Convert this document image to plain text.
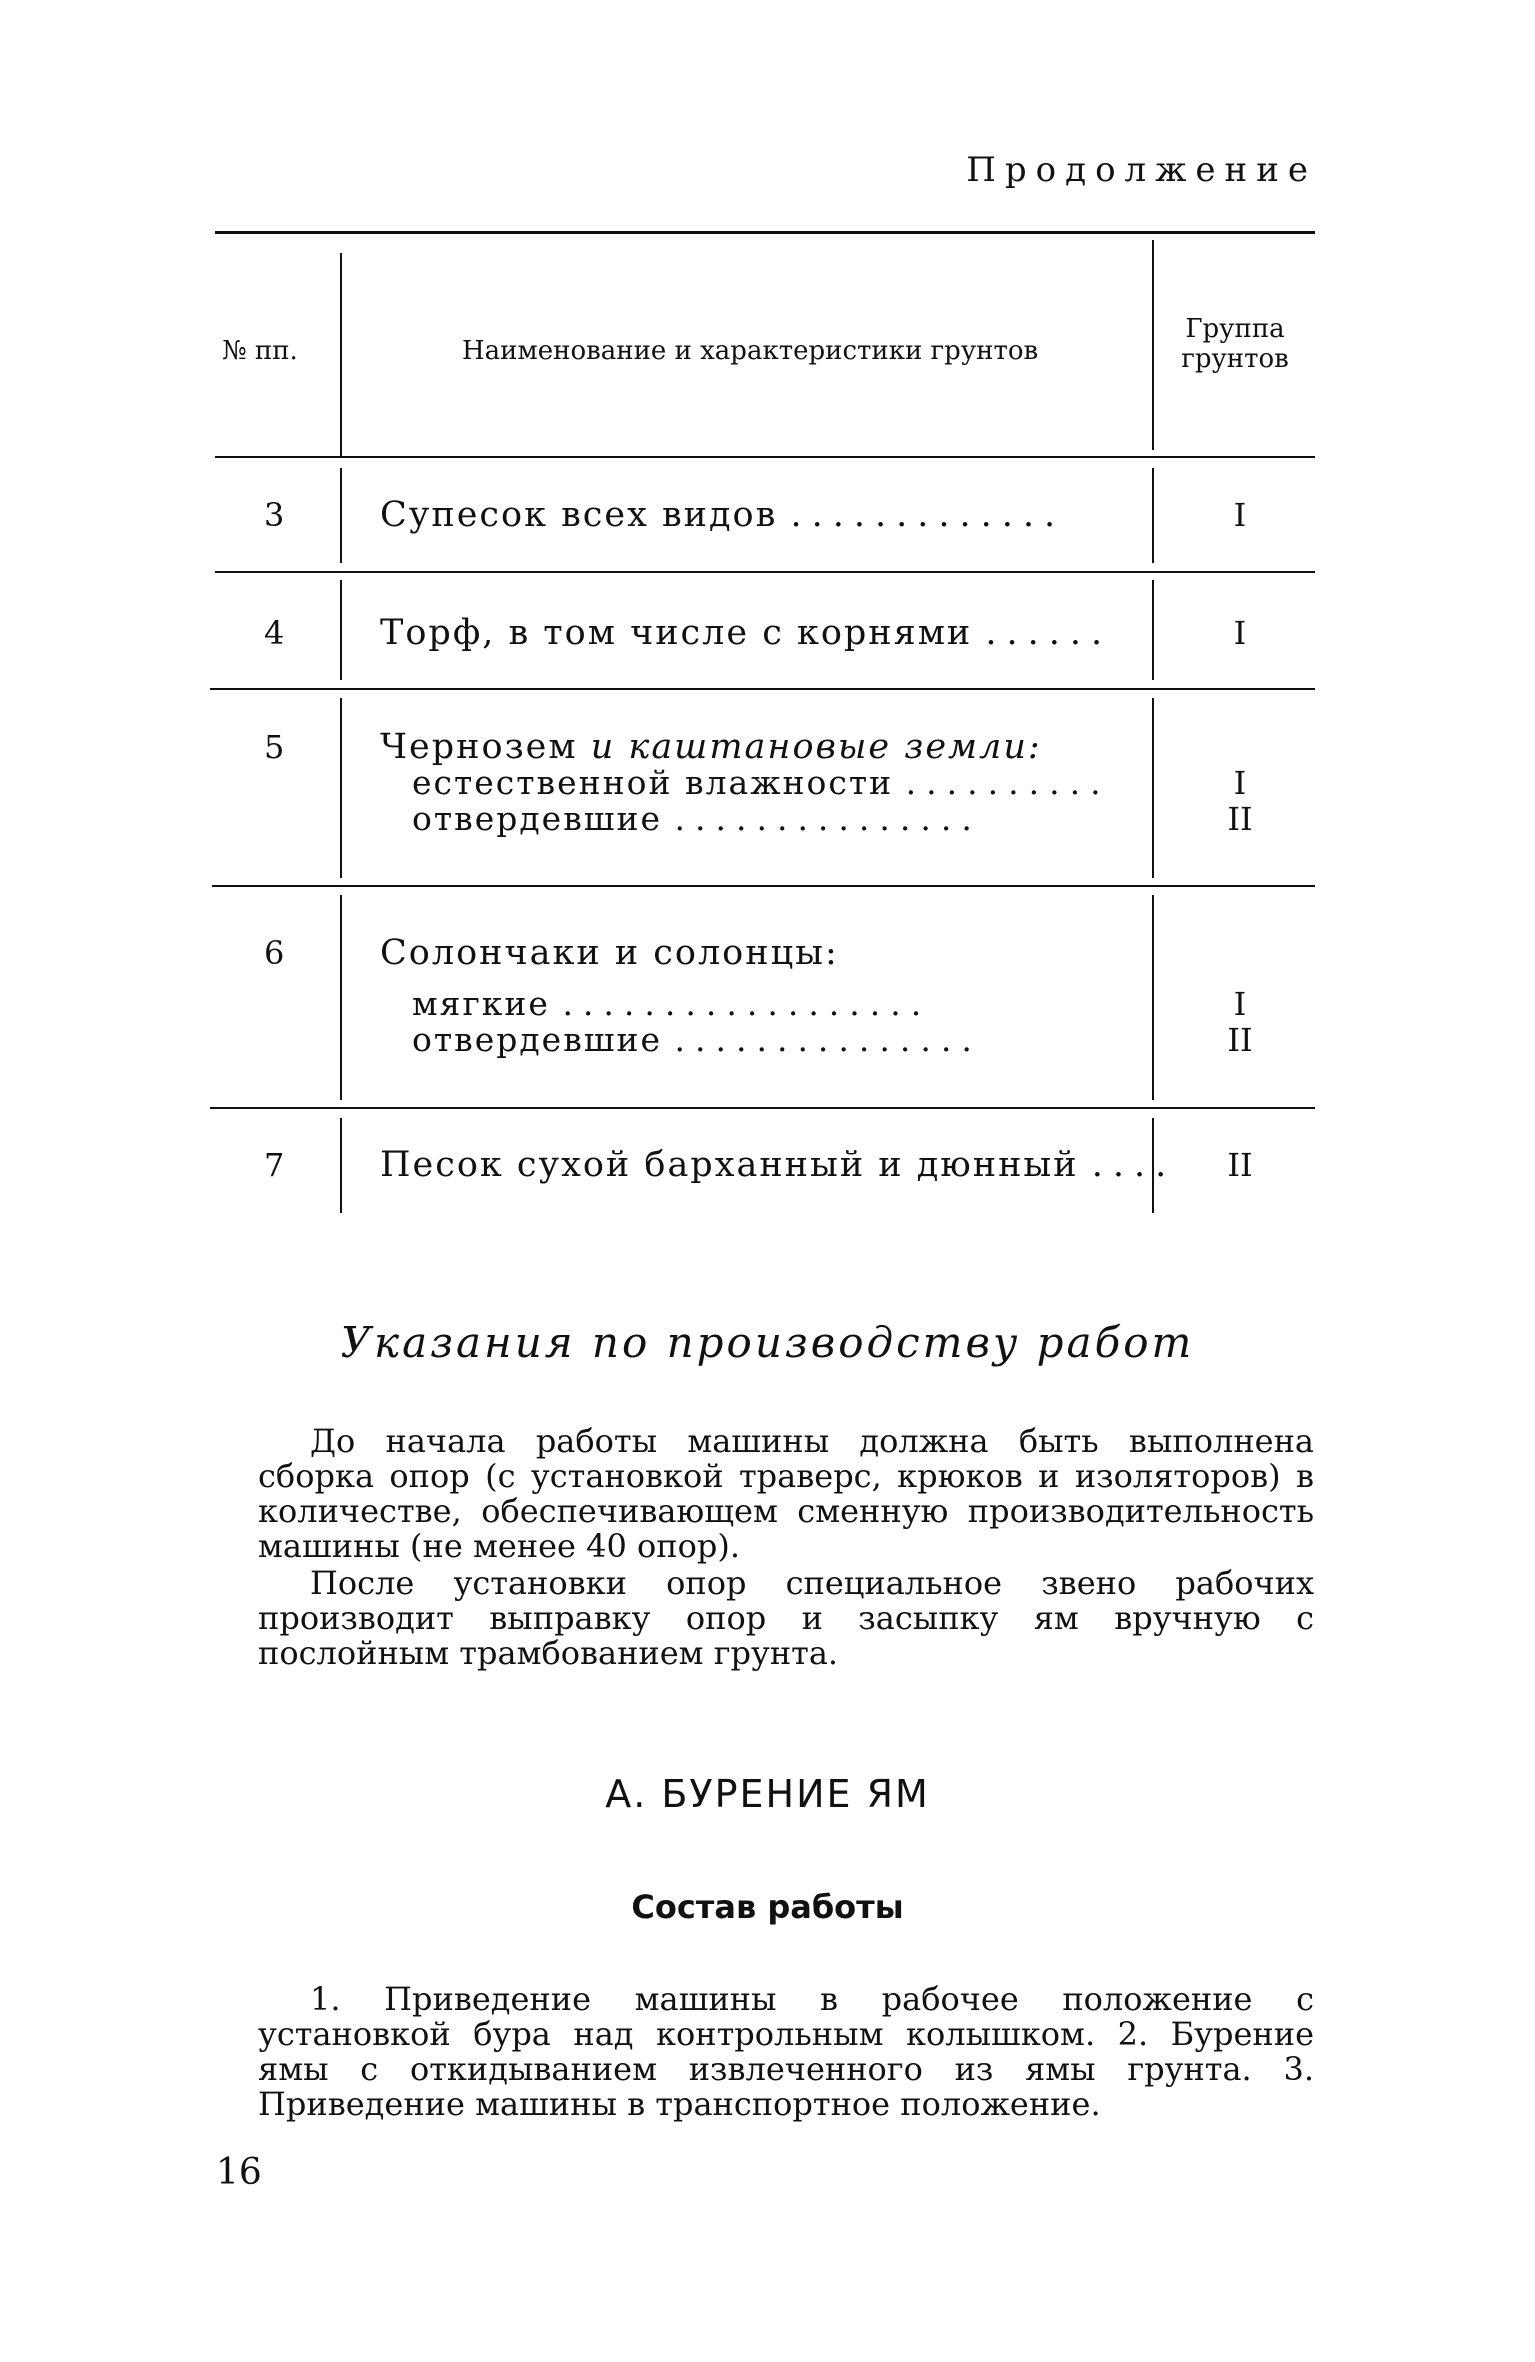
Продолжение
№ пп.	Наименование и характеристики грунтов
Группа
грунтов
3	Супесок всех видов .............	I
4	Торф, в том числе с корнями ......	I
5	Чернозем и каштановые земли:
естественной влажности ..........	I
отвердевшие ...............	II
6	Солончаки и солонцы:
мягкие ..................	I
отвердевшие ...............	II
7	Песок сухой барханный и дюнный ....	II
Указания по производству работ
До начала работы машины должна быть выполнена сборка опор (с установкой траверс, крюков и изоляторов) в количестве, обеспечивающем сменную производительность машины (не менее 40 опор).
После установки опор специальное звено рабочих производит выправку опор и засыпку ям вручную с послойным трамбованием грунта.
А. БУРЕНИЕ ЯМ
Состав работы
1. Приведение машины в рабочее положение с установкой бура над контрольным колышком. 2. Бурение ямы с откидыванием извлеченного из ямы грунта. 3. Приведение машины в транспортное положение.
16
